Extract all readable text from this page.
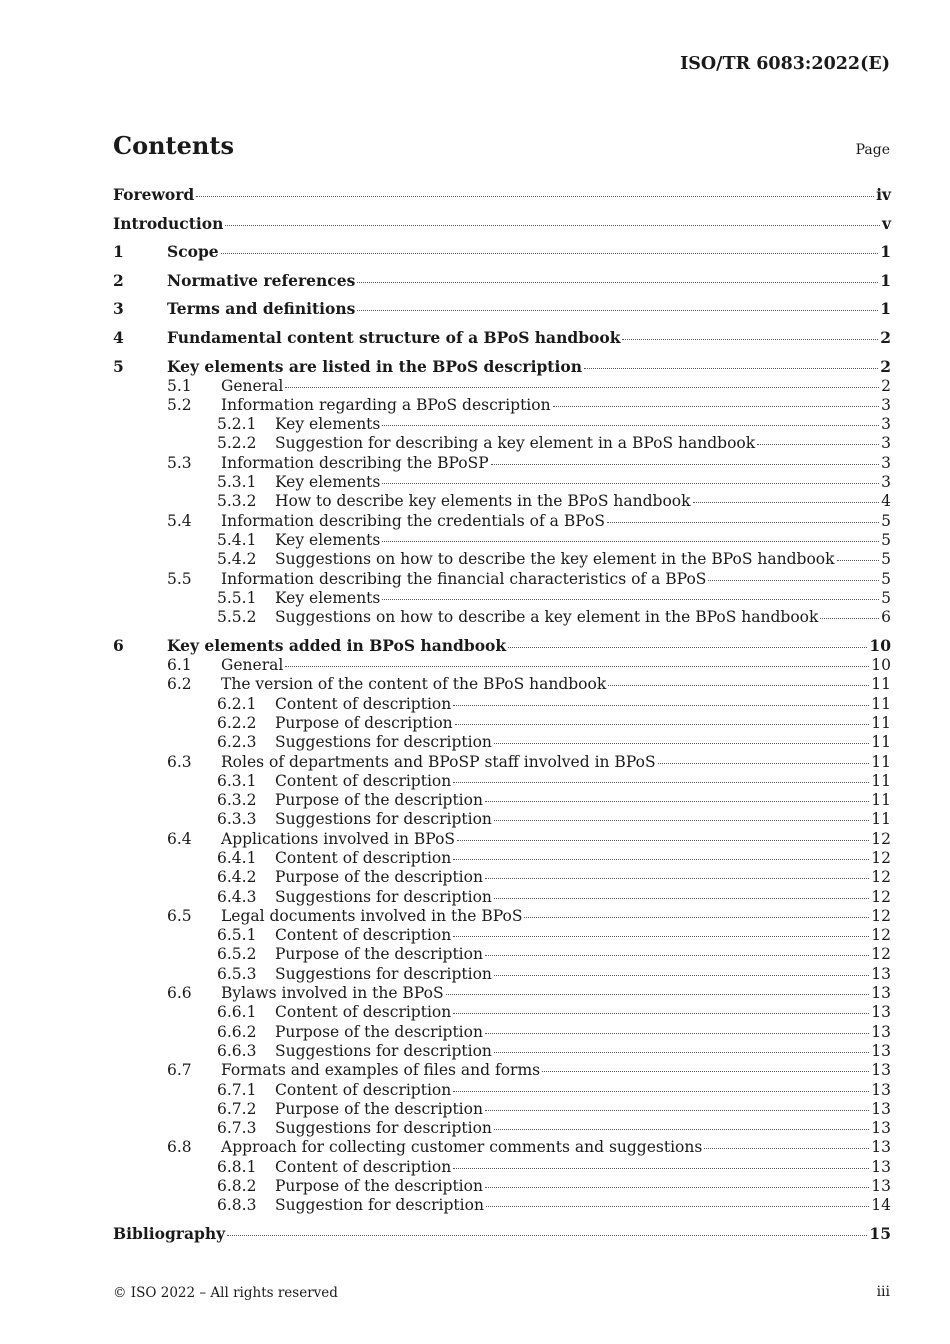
ISO/TR 6083:2022(E)
Contents	Page
Foreword	iv
Introduction	v
1	Scope	1
2	Normative references	1
3	Terms and definitions	1
4	Fundamental content structure of a BPoS handbook	2
5	Key elements are listed in the BPoS description	2
5.1	General	2
5.2	Information regarding a BPoS description	3
5.2.1	Key elements	3
5.2.2	Suggestion for describing a key element in a BPoS handbook	3
5.3	Information describing the BPoSP	3
5.3.1	Key elements	3
5.3.2	How to describe key elements in the BPoS handbook	4
5.4	Information describing the credentials of a BPoS	5
5.4.1	Key elements	5
5.4.2	Suggestions on how to describe the key element in the BPoS handbook	5
5.5	Information describing the financial characteristics of a BPoS	5
5.5.1	Key elements	5
5.5.2	Suggestions on how to describe a key element in the BPoS handbook	6
6	Key elements added in BPoS handbook	10
6.1	General	10
6.2	The version of the content of the BPoS handbook	11
6.2.1	Content of description	11
6.2.2	Purpose of description	11
6.2.3	Suggestions for description	11
6.3	Roles of departments and BPoSP staff involved in BPoS	11
6.3.1	Content of description	11
6.3.2	Purpose of the description	11
6.3.3	Suggestions for description	11
6.4	Applications involved in BPoS	12
6.4.1	Content of description	12
6.4.2	Purpose of the description	12
6.4.3	Suggestions for description	12
6.5	Legal documents involved in the BPoS	12
6.5.1	Content of description	12
6.5.2	Purpose of the description	12
6.5.3	Suggestions for description	13
6.6	Bylaws involved in the BPoS	13
6.6.1	Content of description	13
6.6.2	Purpose of the description	13
6.6.3	Suggestions for description	13
6.7	Formats and examples of files and forms	13
6.7.1	Content of description	13
6.7.2	Purpose of the description	13
6.7.3	Suggestions for description	13
6.8	Approach for collecting customer comments and suggestions	13
6.8.1	Content of description	13
6.8.2	Purpose of the description	13
6.8.3	Suggestion for description	14
Bibliography	15
© ISO 2022 – All rights reserved	iii
